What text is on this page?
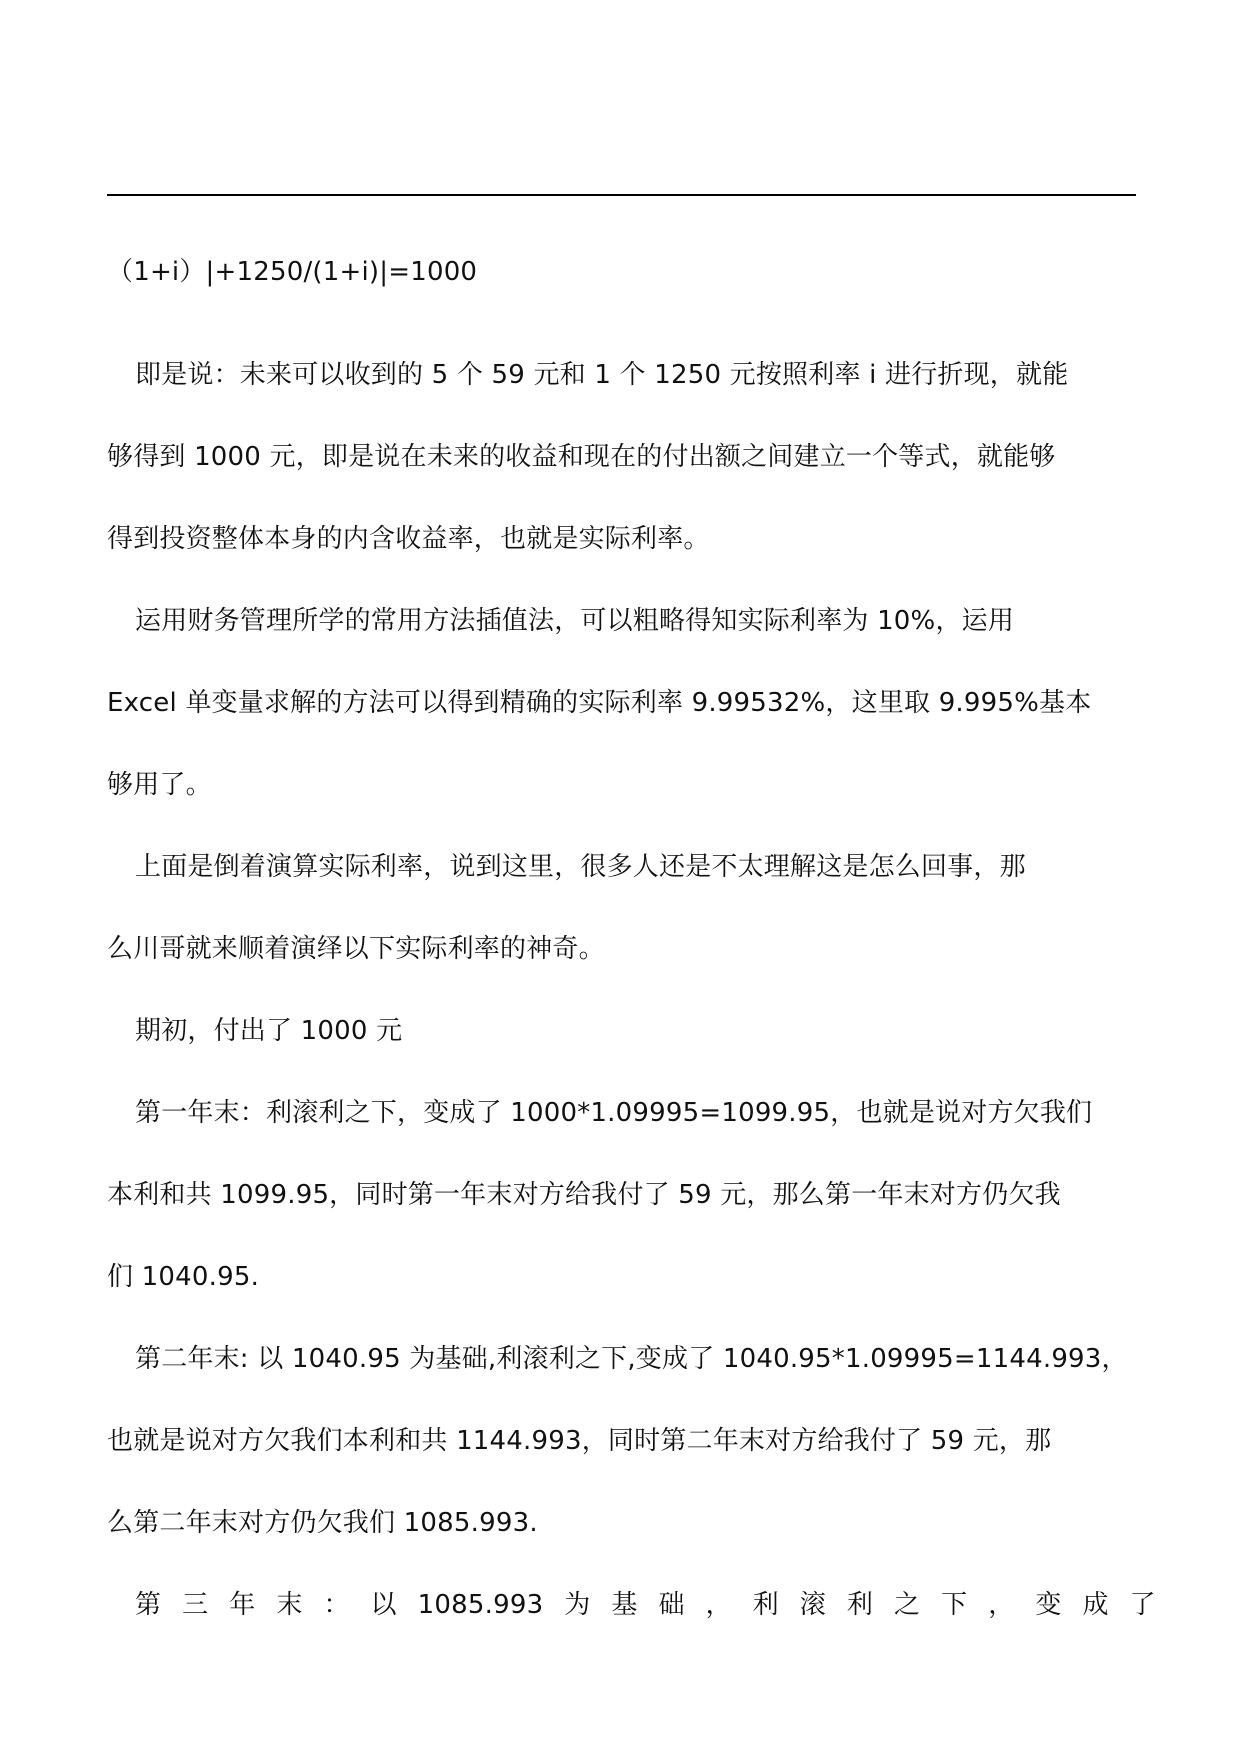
（1+i）|+1250/(1+i)|=1000
即是说：未来可以收到的 5 个 59 元和 1 个 1250 元按照利率 i 进行折现，就能
够得到 1000 元，即是说在未来的收益和现在的付出额之间建立一个等式，就能够
得到投资整体本身的内含收益率，也就是实际利率。
运用财务管理所学的常用方法插值法，可以粗略得知实际利率为 10%，运用
Excel 单变量求解的方法可以得到精确的实际利率 9.99532%，这里取 9.995%基本
够用了。
上面是倒着演算实际利率，说到这里，很多人还是不太理解这是怎么回事，那
么川哥就来顺着演绎以下实际利率的神奇。
期初，付出了 1000 元
第一年末：利滚利之下，变成了 1000*1.09995=1099.95，也就是说对方欠我们
本利和共 1099.95，同时第一年末对方给我付了 59 元，那么第一年末对方仍欠我
们 1040.95.
第二年末: 以 1040.95 为基础,利滚利之下,变成了 1040.95*1.09995=1144.993，
也就是说对方欠我们本利和共 1144.993，同时第二年末对方给我付了 59 元，那
么第二年末对方仍欠我们 1085.993.
第 三 年 末 ： 以 1085.993 为 基 础 ， 利 滚 利 之 下 ， 变 成 了
